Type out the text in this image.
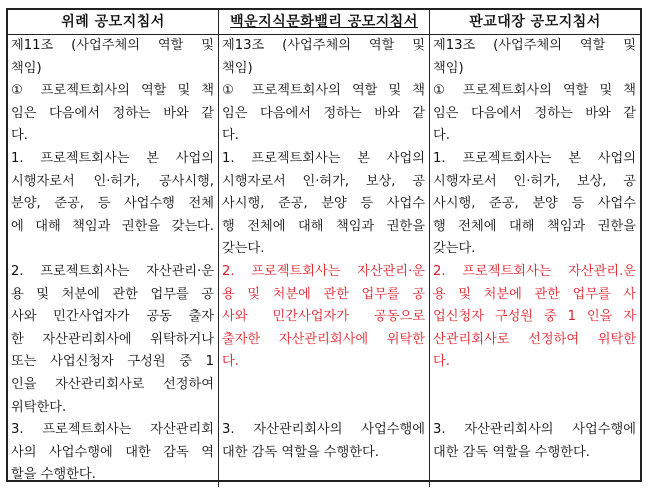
위례 공모지침서	백운지식문화밸리 공모지침서	판교대장 공모지침서
제11조 (사업주체의 역할 및
책임)
① 프로젝트회사의 역할 및 책
임은 다음에서 정하는 바와 같
다.
1. 프로젝트회사는 본 사업의
시행자로서 인·허가, 공사시행,
분양, 준공, 등 사업수행 전체
에 대해 책임과 권한을 갖는다.
2. 프로젝트회사는 자산관리·운
용 및 처분에 관한 업무를 공
사와 민간사업자가 공동 출자
한 자산관리회사에 위탁하거나
또는 사업신청자 구성원 중 1
인을 자산관리회사로 선정하여
위탁한다.
3. 프로젝트회사는 자산관리회
사의 사업수행에 대한 감독 역
할을 수행한다.
제13조 (사업주체의 역할 및
책임)
① 프로젝트회사의 역할 및 책
임은 다음에서 정하는 바와 같
다.
1. 프로젝트회사는 본 사업의
시행자로서 인·허가, 보상, 공
사시행, 준공, 분양 등 사업수
행 전체에 대해 책임과 권한을
갖는다.
2. 프로젝트회사는 자산관리·운
용 및 처분에 관한 업무를 공
사와 민간사업자가 공동으로
출자한 자산관리회사에 위탁한
다.
3. 자산관리회사의 사업수행에
대한 감독 역할을 수행한다.
제13조 (사업주체의 역할 및
책임)
① 프로젝트회사의 역할 및 책
임은 다음에서 정하는 바와 같
다.
1. 프로젝트회사는 본 사업의
시행자로서 인·허가, 보상, 공
사시행, 준공, 분양 등 사업수
행 전체에 대해 책임과 권한을
갖는다.
2. 프로젝트회사는 자산관리.운
용 및 처분에 관한 업무를 사
업신청자 구성원 중 1 인을 자
산관리회사로 선정하여 위탁한
다.
3. 자산관리회사의 사업수행에
대한 감독 역할을 수행한다.
